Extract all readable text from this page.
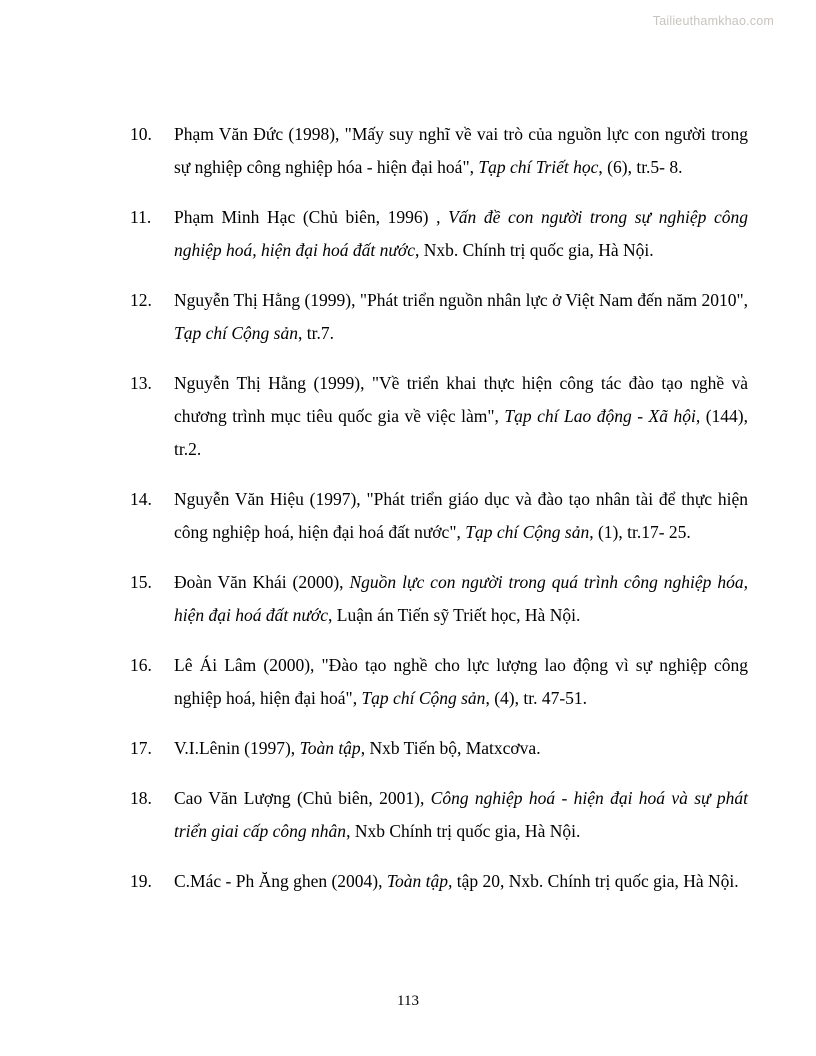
Tailieuthamkhao.com
10.	Phạm Văn Đức (1998), "Mấy suy nghĩ về vai trò của nguồn lực con người trong sự nghiệp công nghiệp hóa - hiện đại hoá", Tạp chí Triết học, (6), tr.5- 8.
11.	Phạm Minh Hạc (Chủ biên, 1996) , Vấn đề con người trong sự nghiệp công nghiệp hoá, hiện đại hoá đất nước, Nxb. Chính trị quốc gia, Hà Nội.
12.	Nguyễn Thị Hằng (1999), "Phát triển nguồn nhân lực ở Việt Nam đến năm 2010", Tạp chí Cộng sản, tr.7.
13.	Nguyễn Thị Hằng (1999), "Về triển khai thực hiện công tác đào tạo nghề và chương trình mục tiêu quốc gia về việc làm", Tạp chí Lao động - Xã hội, (144), tr.2.
14.	Nguyễn Văn Hiệu (1997), "Phát triển giáo dục và đào tạo nhân tài để thực hiện công nghiệp hoá, hiện đại hoá đất nước", Tạp chí Cộng sản, (1), tr.17- 25.
15.	Đoàn Văn Khái (2000), Nguồn lực con người trong quá trình công nghiệp hóa, hiện đại hoá đất nước, Luận án Tiến sỹ Triết học, Hà Nội.
16.	Lê Ái Lâm (2000), "Đào tạo nghề cho lực lượng lao động vì sự nghiệp công nghiệp hoá, hiện đại hoá", Tạp chí Cộng sản, (4), tr. 47-51.
17.	V.I.Lênin (1997), Toàn tập, Nxb Tiến bộ, Matxcơva.
18.	Cao Văn Lượng (Chủ biên, 2001), Công nghiệp hoá - hiện đại hoá và sự phát triển giai cấp công nhân, Nxb Chính trị quốc gia, Hà Nội.
19.	C.Mác - Ph Ăng ghen (2004), Toàn tập, tập 20, Nxb. Chính trị quốc gia, Hà Nội.
113
